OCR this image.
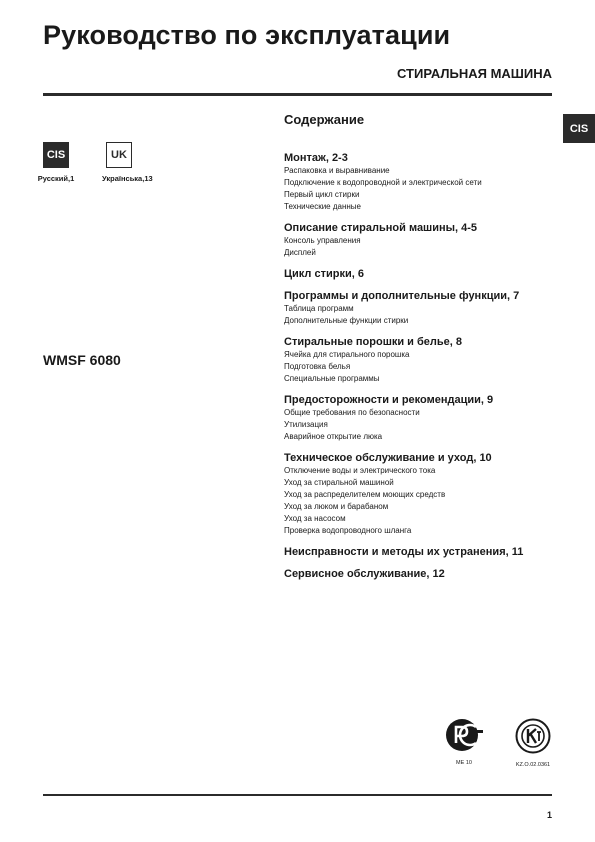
Руководство по эксплуатации
СТИРАЛЬНАЯ МАШИНА
CIS
CIS
Русский,1
UK
Українська,13
WMSF 6080
Содержание
Монтаж, 2-3
Распаковка и выравнивание
Подключение к водопроводной и электрической сети
Первый цикл стирки
Технические данные
Описание стиральной машины, 4-5
Консоль управления
Дисплей
Цикл стирки, 6
Программы и дополнительные функции, 7
Таблица программ
Дополнительные функции стирки
Стиральные порошки и белье, 8
Ячейка для стирального порошка
Подготовка белья
Специальные программы
Предосторожности и рекомендации, 9
Общие требования по безопасности
Утилизация
Аварийное открытие люка
Техническое обслуживание и уход, 10
Отключение воды и электрического тока
Уход за стиральной машиной
Уход за распределителем моющих средств
Уход за люком и барабаном
Уход за насосом
Проверка водопроводного шланга
Неисправности и методы их устранения, 11
Сервисное обслуживание, 12
МЕ 10	KZ.O.02.0361
1
